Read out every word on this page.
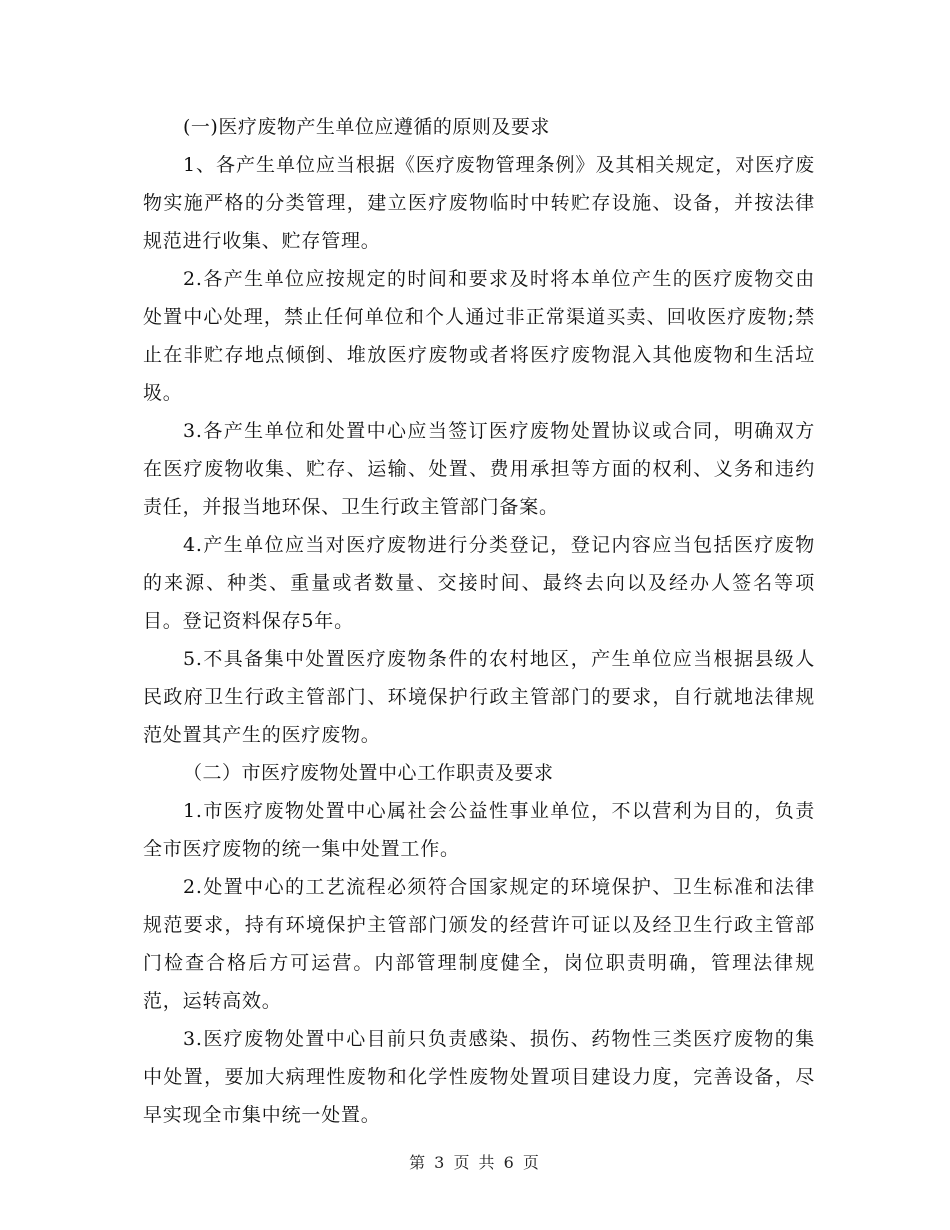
(一)医疗废物产生单位应遵循的原则及要求

1、各产生单位应当根据《医疗废物管理条例》及其相关规定，对医疗废物实施严格的分类管理，建立医疗废物临时中转贮存设施、设备，并按法律规范进行收集、贮存管理。

2.各产生单位应按规定的时间和要求及时将本单位产生的医疗废物交由处置中心处理，禁止任何单位和个人通过非正常渠道买卖、回收医疗废物;禁止在非贮存地点倾倒、堆放医疗废物或者将医疗废物混入其他废物和生活垃圾。

3.各产生单位和处置中心应当签订医疗废物处置协议或合同，明确双方在医疗废物收集、贮存、运输、处置、费用承担等方面的权利、义务和违约责任，并报当地环保、卫生行政主管部门备案。

4.产生单位应当对医疗废物进行分类登记，登记内容应当包括医疗废物的来源、种类、重量或者数量、交接时间、最终去向以及经办人签名等项目。登记资料保存5年。

5.不具备集中处置医疗废物条件的农村地区，产生单位应当根据县级人民政府卫生行政主管部门、环境保护行政主管部门的要求，自行就地法律规范处置其产生的医疗废物。

（二）市医疗废物处置中心工作职责及要求

1.市医疗废物处置中心属社会公益性事业单位，不以营利为目的，负责全市医疗废物的统一集中处置工作。

2.处置中心的工艺流程必须符合国家规定的环境保护、卫生标准和法律规范要求，持有环境保护主管部门颁发的经营许可证以及经卫生行政主管部门检查合格后方可运营。内部管理制度健全，岗位职责明确，管理法律规范，运转高效。

3.医疗废物处置中心目前只负责感染、损伤、药物性三类医疗废物的集中处置，要加大病理性废物和化学性废物处置项目建设力度，完善设备，尽早实现全市集中统一处置。

第 3 页 共 6 页
